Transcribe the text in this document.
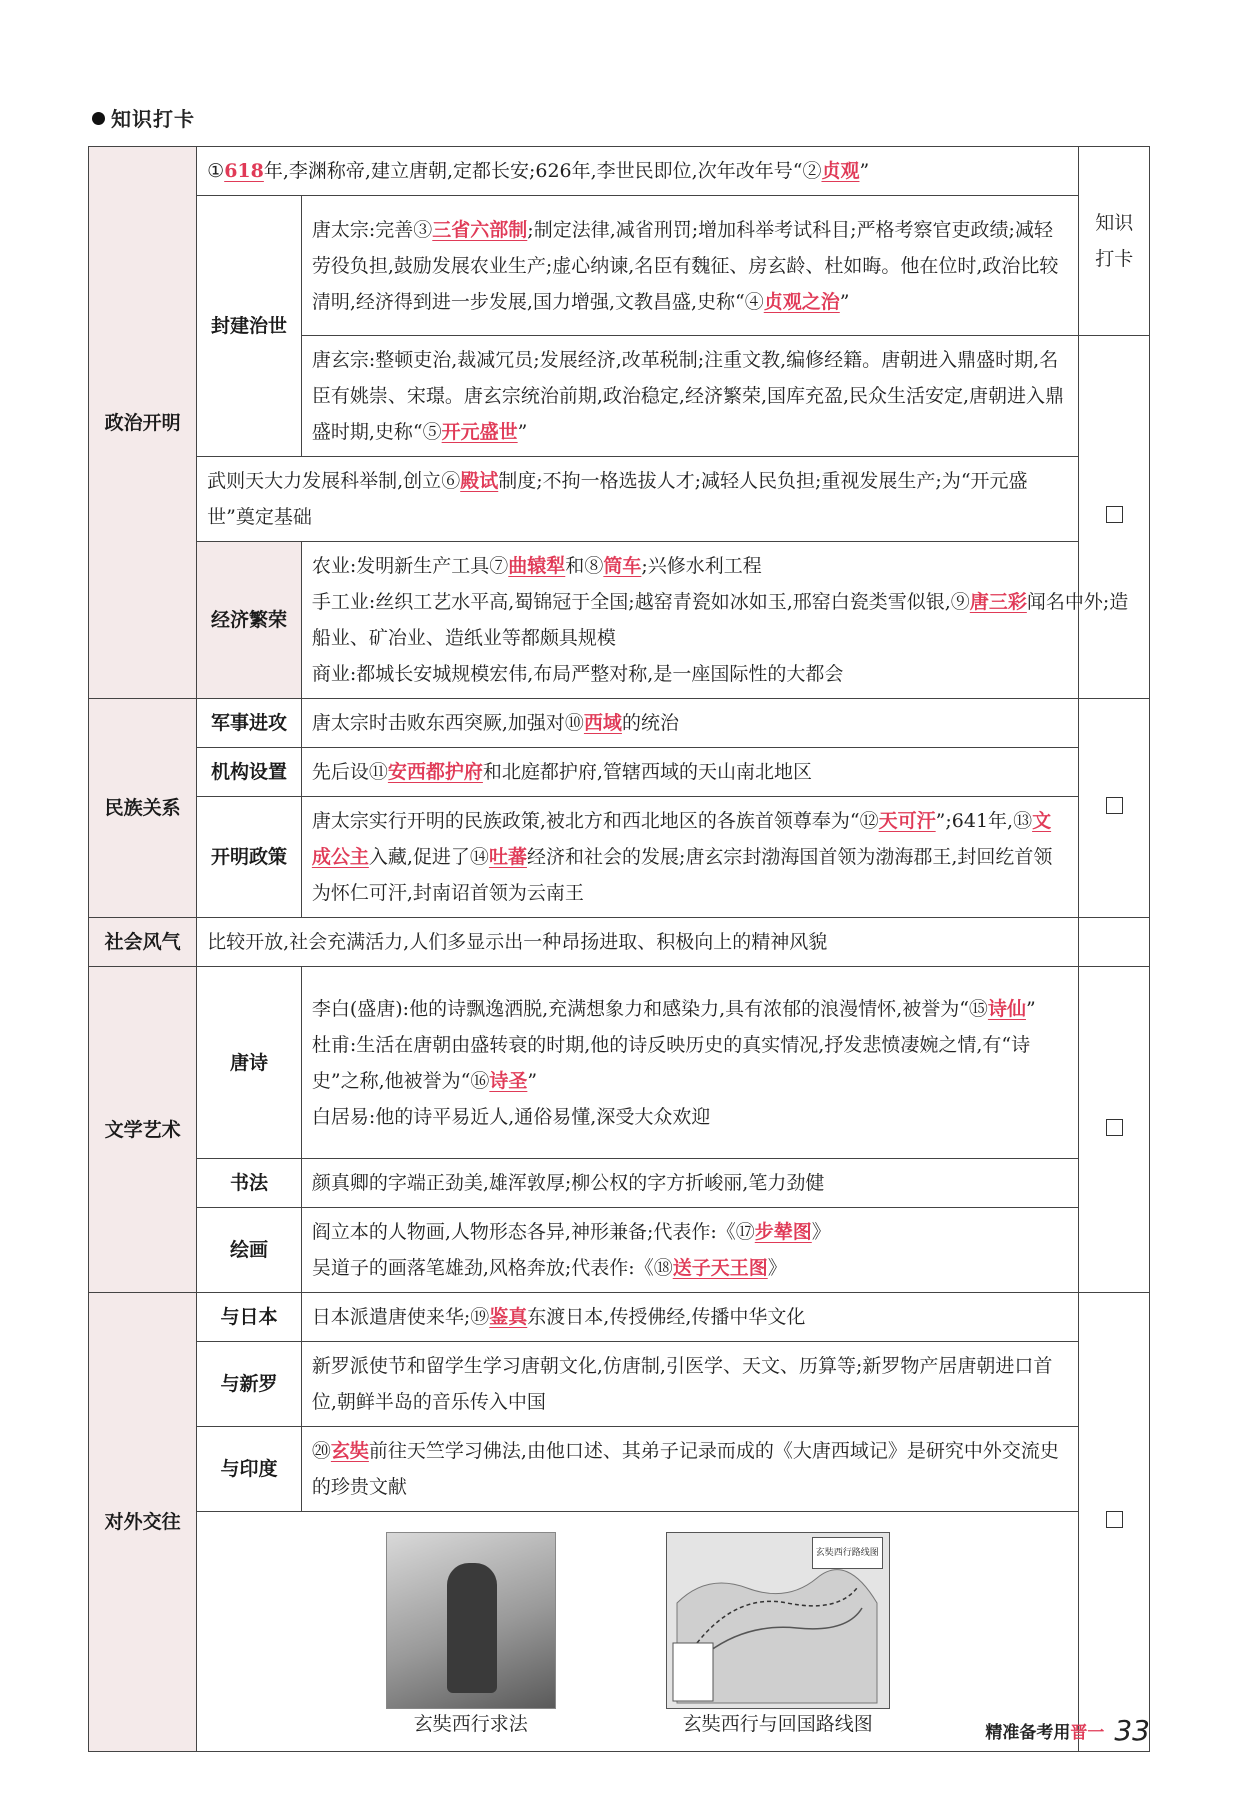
知识打卡
政治开明	①618年,李渊称帝,建立唐朝,定都长安;626年,李世民即位,次年改年号“②贞观”		知识
打卡
	封建治世	唐太宗:完善③三省六部制;制定法律,减省刑罚;增加科举考试科目;严格考察官吏政绩;减轻劳役负担,鼓励发展农业生产;虚心纳谏,名臣有魏征、房玄龄、杜如晦。他在位时,政治比较清明,经济得到进一步发展,国力增强,文教昌盛,史称“④贞观之治”	
		唐玄宗:整顿吏治,裁减冗员;发展经济,改革税制;注重文教,编修经籍。唐朝进入鼎盛时期,名臣有姚崇、宋璟。唐玄宗统治前期,政治稳定,经济繁荣,国库充盈,民众生活安定,唐朝进入鼎盛时期,史称“⑤开元盛世”	
	武则天大力发展科举制,创立⑥殿试制度;不拘一格选拔人才;减轻人民负担;重视发展生产;为“开元盛世”奠定基础		
	经济繁荣	农业:发明新生产工具⑦曲辕犁和⑧筒车;兴修水利工程
手工业:丝织工艺水平高,蜀锦冠于全国;越窑青瓷如冰如玉,邢窑白瓷类雪似银,⑨唐三彩闻名中外;造船业、矿冶业、造纸业等都颇具规模
商业:都城长安城规模宏伟,布局严整对称,是一座国际性的大都会	

民族关系	军事进攻	唐太宗时击败东西突厥,加强对⑩西域的统治	
	机构设置	先后设⑪安西都护府和北庭都护府,管辖西域的天山南北地区	
	开明政策	唐太宗实行开明的民族政策,被北方和西北地区的各族首领尊奉为“⑫天可汗”;641年,⑬文成公主入藏,促进了⑭吐蕃经济和社会的发展;唐玄宗封渤海国首领为渤海郡王,封回纥首领为怀仁可汗,封南诏首领为云南王	
社会风气	比较开放,社会充满活力,人们多显示出一种昂扬进取、积极向上的精神风貌		
文学艺术	唐诗	李白(盛唐):他的诗飘逸洒脱,充满想象力和感染力,具有浓郁的浪漫情怀,被誉为“⑮诗仙”
杜甫:生活在唐朝由盛转衰的时期,他的诗反映历史的真实情况,抒发悲愤凄婉之情,有“诗史”之称,他被誉为“⑯诗圣”
白居易:他的诗平易近人,通俗易懂,深受大众欢迎	

	书法	颜真卿的字端正劲美,雄浑敦厚;柳公权的字方折峻丽,笔力劲健	
	绘画	阎立本的人物画,人物形态各异,神形兼备;代表作:《⑰步辇图》
吴道子的画落笔雄劲,风格奔放;代表作:《⑱送子天王图》	

对外交往	与日本	日本派遣唐使来华;⑲鉴真东渡日本,传授佛经,传播中华文化	
	与新罗	新罗派使节和留学生学习唐朝文化,仿唐制,引医学、天文、历算等;新罗物产居唐朝进口首位,朝鲜半岛的音乐传入中国	
	与印度	⑳玄奘前往天竺学习佛法,由他口述、其弟子记录而成的《大唐西域记》是研究中外交流史的珍贵文献	

	玄奘西行求法
玄奘西行路线图
玄奘西行与回国路线图			精准备考用晋一 33
